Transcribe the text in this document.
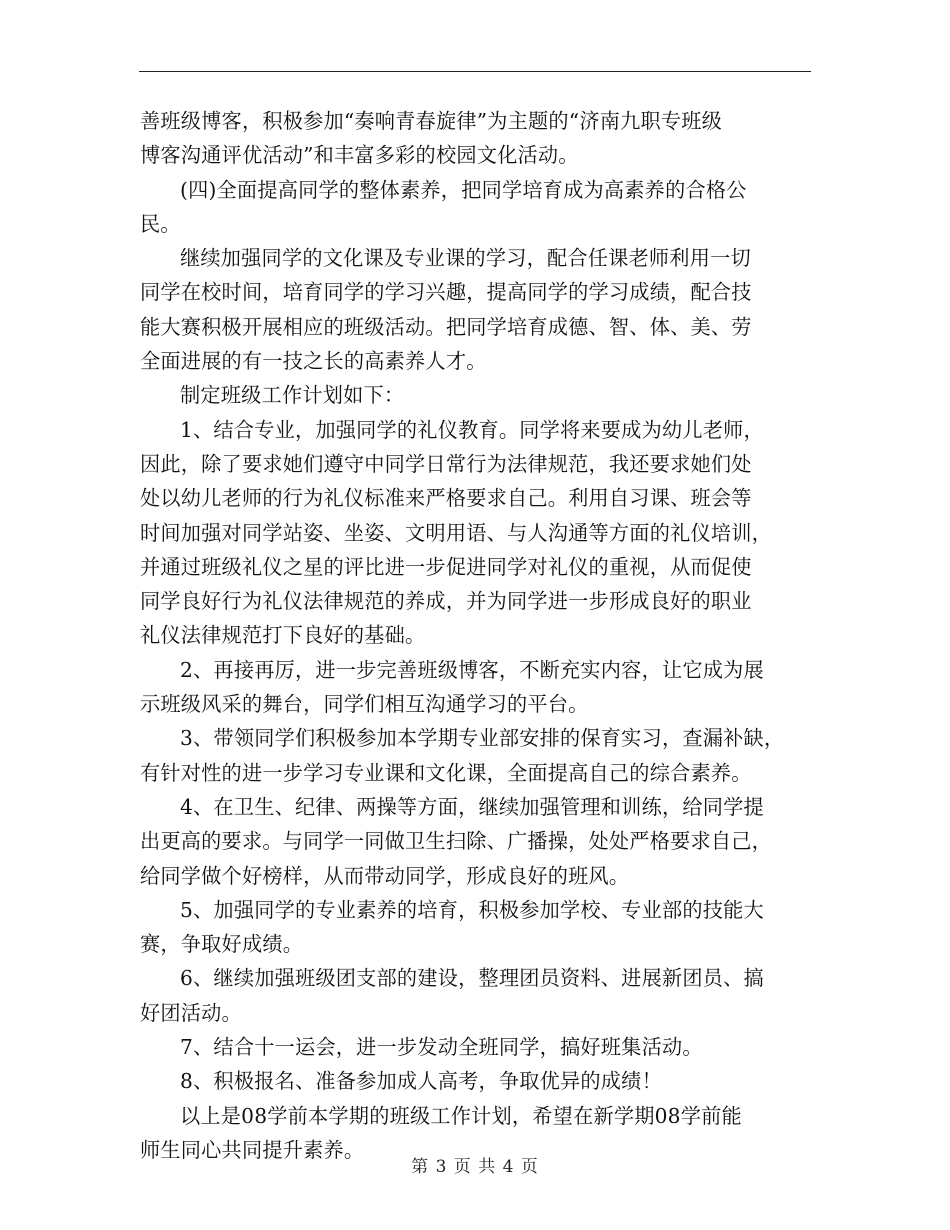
善班级博客，积极参加“奏响青春旋律”为主题的“济南九职专班级
博客沟通评优活动”和丰富多彩的校园文化活动。

(四)全面提高同学的整体素养，把同学培育成为高素养的合格公
民。

继续加强同学的文化课及专业课的学习，配合任课老师利用一切
同学在校时间，培育同学的学习兴趣，提高同学的学习成绩，配合技
能大赛积极开展相应的班级活动。把同学培育成德、智、体、美、劳
全面进展的有一技之长的高素养人才。

制定班级工作计划如下：

1、结合专业，加强同学的礼仪教育。同学将来要成为幼儿老师，
因此，除了要求她们遵守中同学日常行为法律规范，我还要求她们处
处以幼儿老师的行为礼仪标准来严格要求自己。利用自习课、班会等
时间加强对同学站姿、坐姿、文明用语、与人沟通等方面的礼仪培训，
并通过班级礼仪之星的评比进一步促进同学对礼仪的重视，从而促使
同学良好行为礼仪法律规范的养成，并为同学进一步形成良好的职业
礼仪法律规范打下良好的基础。

2、再接再厉，进一步完善班级博客，不断充实内容，让它成为展
示班级风采的舞台，同学们相互沟通学习的平台。

3、带领同学们积极参加本学期专业部安排的保育实习，查漏补缺，
有针对性的进一步学习专业课和文化课，全面提高自己的综合素养。

4、在卫生、纪律、两操等方面，继续加强管理和训练，给同学提
出更高的要求。与同学一同做卫生扫除、广播操，处处严格要求自己，
给同学做个好榜样，从而带动同学，形成良好的班风。

5、加强同学的专业素养的培育，积极参加学校、专业部的技能大
赛，争取好成绩。

6、继续加强班级团支部的建设，整理团员资料、进展新团员、搞
好团活动。

7、结合十一运会，进一步发动全班同学，搞好班集活动。

8、积极报名、准备参加成人高考，争取优异的成绩！

以上是08学前本学期的班级工作计划，希望在新学期08学前能
师生同心共同提升素养。

第 3 页 共 4 页
